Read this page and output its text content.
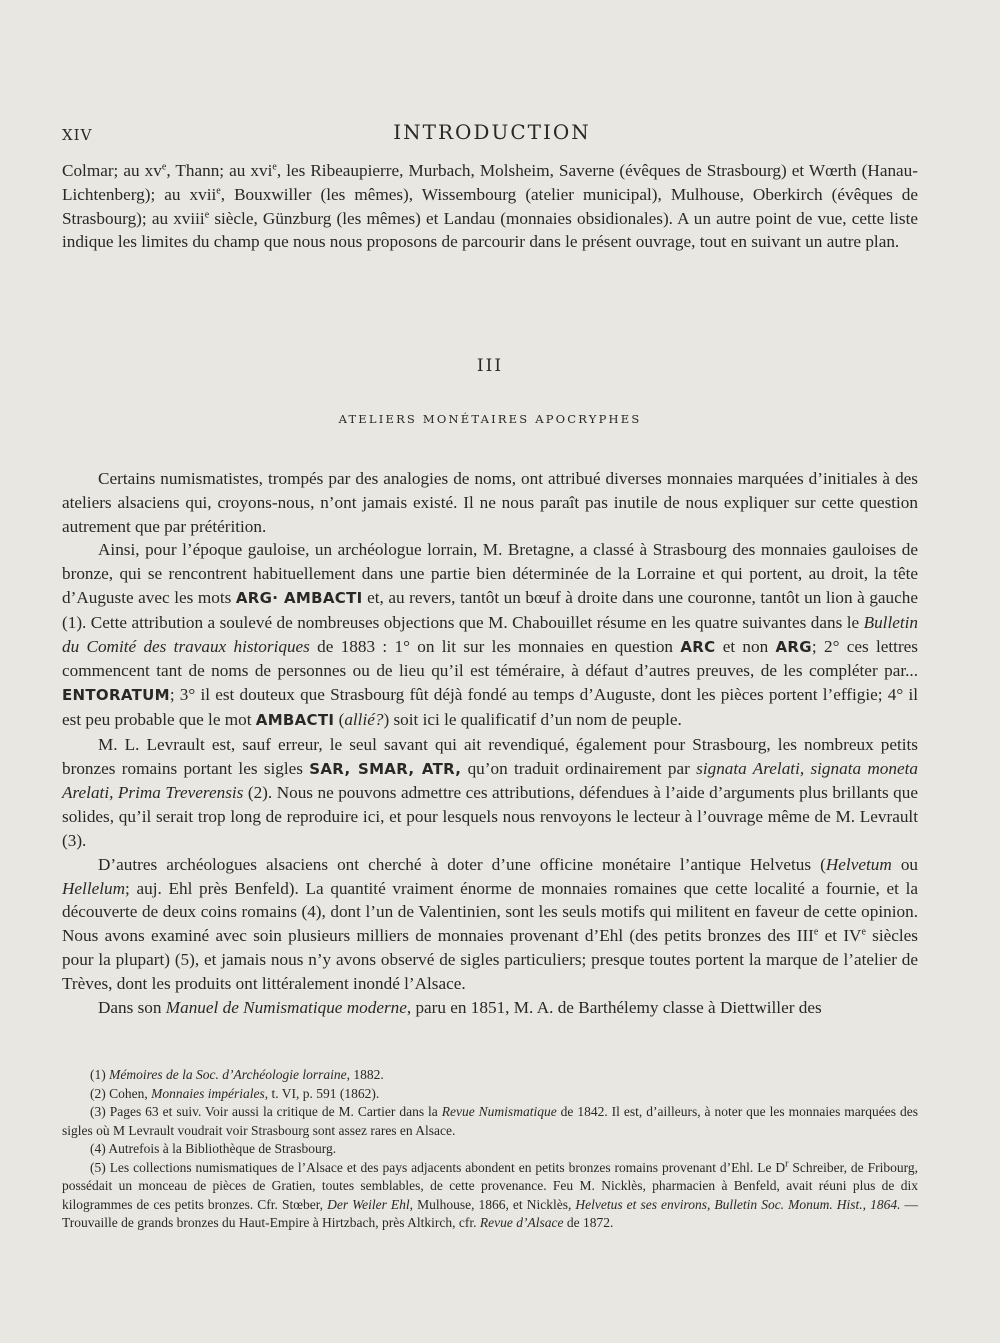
XIV	INTRODUCTION

Colmar; au $xv^e$, Thann; au xvi$^e$, les Ribeaupierre, Murbach, Molsheim, Saverne (évêques de Strasbourg) et Wœrth (Hanau-Lichtenberg); au xvii$^e$, Bouxwiller (les mêmes), Wissembourg (atelier municipal), Mulhouse, Oberkirch (évêques de Strasbourg); au xviii$^e$ siècle, Günzburg (les mêmes) et Landau (monnaies obsidionales). A un autre point de vue, cette liste indique les limites du champ que nous nous proposons de parcourir dans le présent ouvrage, tout en suivant un autre plan.

III
ATELIERS MONÉTAIRES APOCRYPHES

Certains numismatistes, trompés par des analogies de noms, ont attribué diverses monnaies marquées d’initiales à des ateliers alsaciens qui, croyons-nous, n’ont jamais existé. Il ne nous paraît pas inutile de nous expliquer sur cette question autrement que par prétérition.

Ainsi, pour l’époque gauloise, un archéologue lorrain, M. Bretagne, a classé à Strasbourg des monnaies gauloises de bronze, qui se rencontrent habituellement dans une partie bien déterminée de la Lorraine et qui portent, au droit, la tête d’Auguste avec les mots ARG· AMBACTI et, au revers, tantôt un bœuf à droite dans une couronne, tantôt un lion à gauche (1). Cette attribution a soulevé de nombreuses objections que M. Chabouillet résume en les quatre suivantes dans le Bulletin du Comité des travaux historiques de 1883 : 1° on lit sur les monnaies en question ARC et non ARG; 2° ces lettres commencent tant de noms de personnes ou de lieu qu’il est téméraire, à défaut d’autres preuves, de les compléter par... ENTORATUM; 3° il est douteux que Strasbourg fût déjà fondé au temps d’Auguste, dont les pièces portent l’effigie; 4° il est peu probable que le mot AMBACTI (allié?) soit ici le qualificatif d’un nom de peuple.

M. L. Levrault est, sauf erreur, le seul savant qui ait revendiqué, également pour Strasbourg, les nombreux petits bronzes romains portant les sigles SAR, SMAR, ATR, qu’on traduit ordinairement par signata Arelati, signata moneta Arelati, Prima Treverensis (2). Nous ne pouvons admettre ces attributions, défendues à l’aide d’arguments plus brillants que solides, qu’il serait trop long de reproduire ici, et pour lesquels nous renvoyons le lecteur à l’ouvrage même de M. Levrault (3).

D’autres archéologues alsaciens ont cherché à doter d’une officine monétaire l’antique Helvetus (Helvetum ou Hellelum; auj. Ehl près Benfeld). La quantité vraiment énorme de monnaies romaines que cette localité a fournie, et la découverte de deux coins romains (4), dont l’un de Valentinien, sont les seuls motifs qui militent en faveur de cette opinion. Nous avons examiné avec soin plusieurs milliers de monnaies provenant d’Ehl (des petits bronzes des IIIe et IVe siècles pour la plupart) (5), et jamais nous n’y avons observé de sigles particuliers; presque toutes portent la marque de l’atelier de Trèves, dont les produits ont littéralement inondé l’Alsace.

Dans son Manuel de Numismatique moderne, paru en 1851, M. A. de Barthélemy classe à Diettwiller des

(1) Mémoires de la Soc. d’Archéologie lorraine, 1882.

(2) Cohen, Monnaies impériales, t. VI, p. 591 (1862).

(3) Pages 63 et suiv. Voir aussi la critique de M. Cartier dans la Revue Numismatique de 1842. Il est, d’ailleurs, à noter que les monnaies marquées des sigles où M Levrault voudrait voir Strasbourg sont assez rares en Alsace.

(4) Autrefois à la Bibliothèque de Strasbourg.

(5) Les collections numismatiques de l’Alsace et des pays adjacents abondent en petits bronzes romains provenant d’Ehl. Le $D^r$ Schreiber, de Fribourg, possédait un monceau de pièces de Gratien, toutes semblables, de cette provenance. Feu M. Nicklès, pharmacien à Benfeld, avait réuni plus de dix kilogrammes de ces petits bronzes. Cfr. Stœber, Der Weiler Ehl, Mulhouse, 1866, et Nicklès, Helvetus et ses environs, Bulletin Soc. Monum. Hist., 1864. — Trouvaille de grands bronzes du Haut-Empire à Hirtzbach, près Altkirch, cfr. Revue d’Alsace de 1872.
